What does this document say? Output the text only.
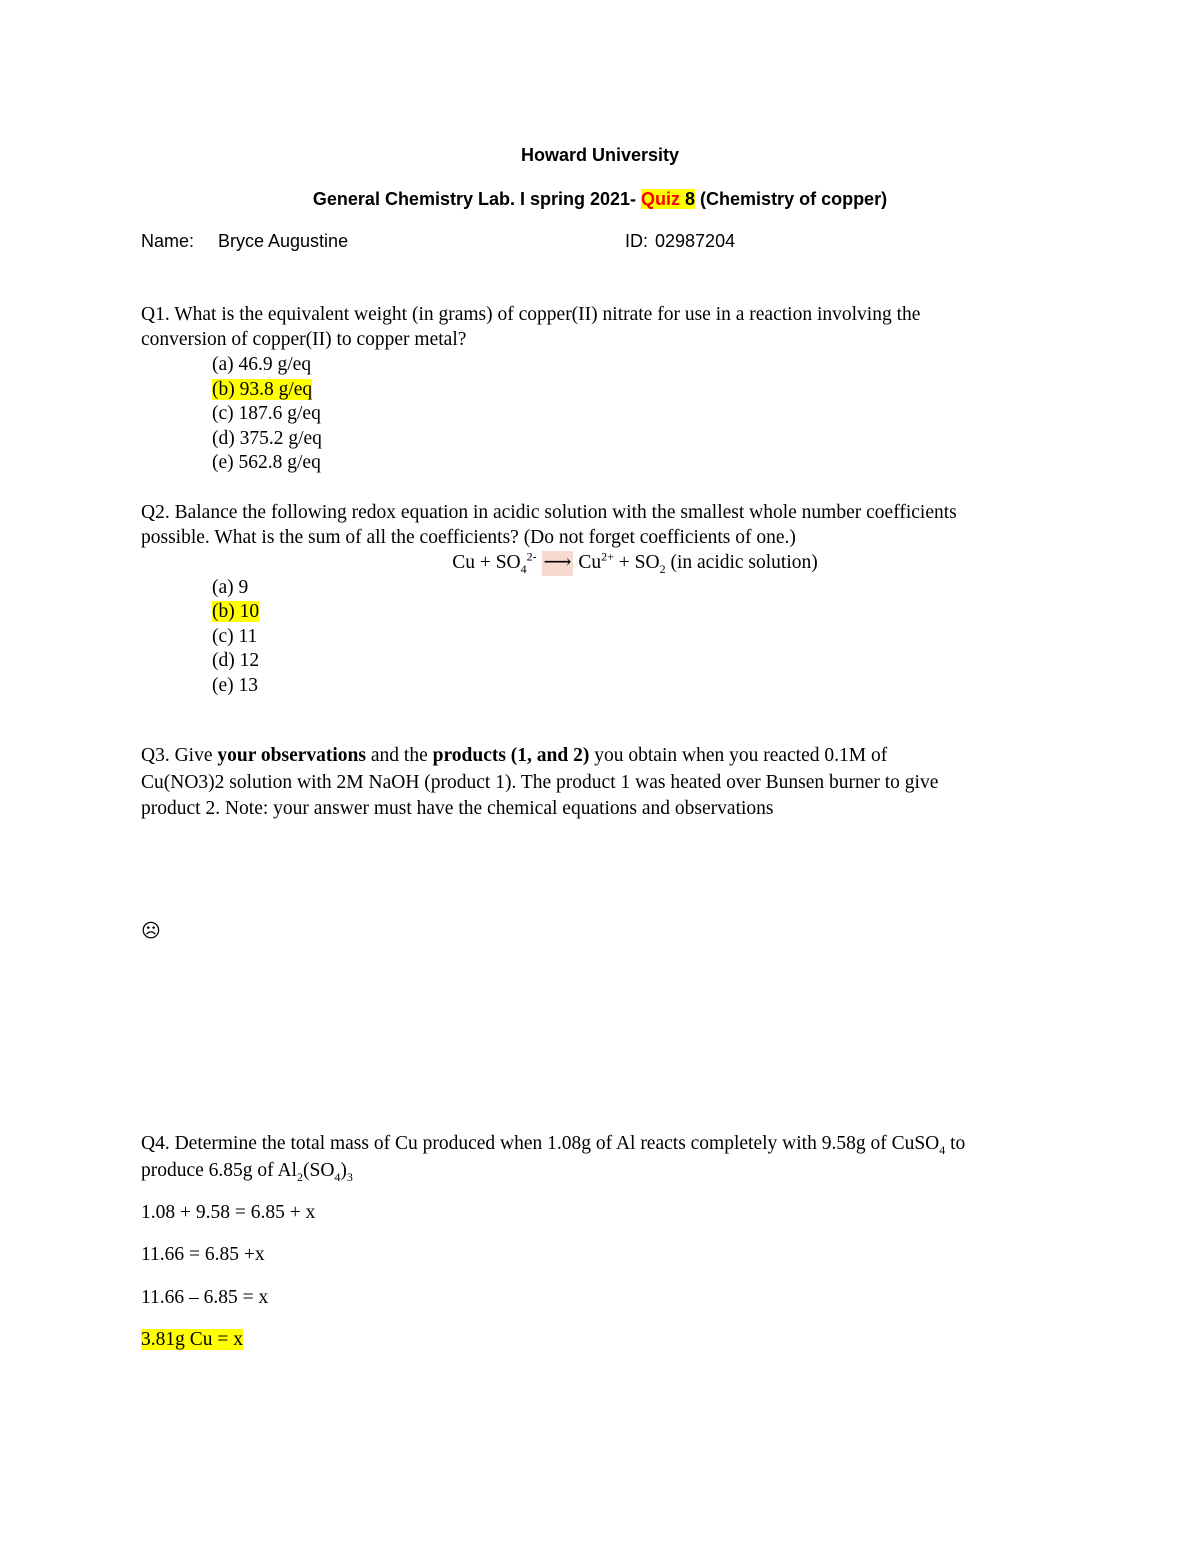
Howard University
General Chemistry Lab. I spring 2021- Quiz 8 (Chemistry of copper)
Name: Bryce Augustine	ID: 02987204
Q1. What is the equivalent weight (in grams) of copper(II) nitrate for use in a reaction involving the
conversion of copper(II) to copper metal?
(a) 46.9 g/eq
(b) 93.8 g/eq
(c) 187.6 g/eq
(d) 375.2 g/eq
(e) 562.8 g/eq
Q2. Balance the following redox equation in acidic solution with the smallest whole number coefficients
possible. What is the sum of all the coefficients? (Do not forget coefficients of one.)
$Cu + SO_4^{2-}$ ⟶ $Cu^{2+} + SO_2$ (in acidic solution)
(a) 9
(b) 10
(c) 11
(d) 12
(e) 13
Q3. Give your observations and the products (1, and 2) you obtain when you reacted 0.1M of
Cu(NO3)2 solution with 2M NaOH (product 1). The product 1 was heated over Bunsen burner to give
product 2. Note: your answer must have the chemical equations and observations
☹
Q4. Determine the total mass of Cu produced when 1.08g of Al reacts completely with 9.58g of CuSO$_4$ to
produce 6.85g of $Al_2(SO_4)_3$
1.08 + 9.58 = 6.85 + x
11.66 = 6.85 +x
11.66 – 6.85 = x
3.81g Cu = x
